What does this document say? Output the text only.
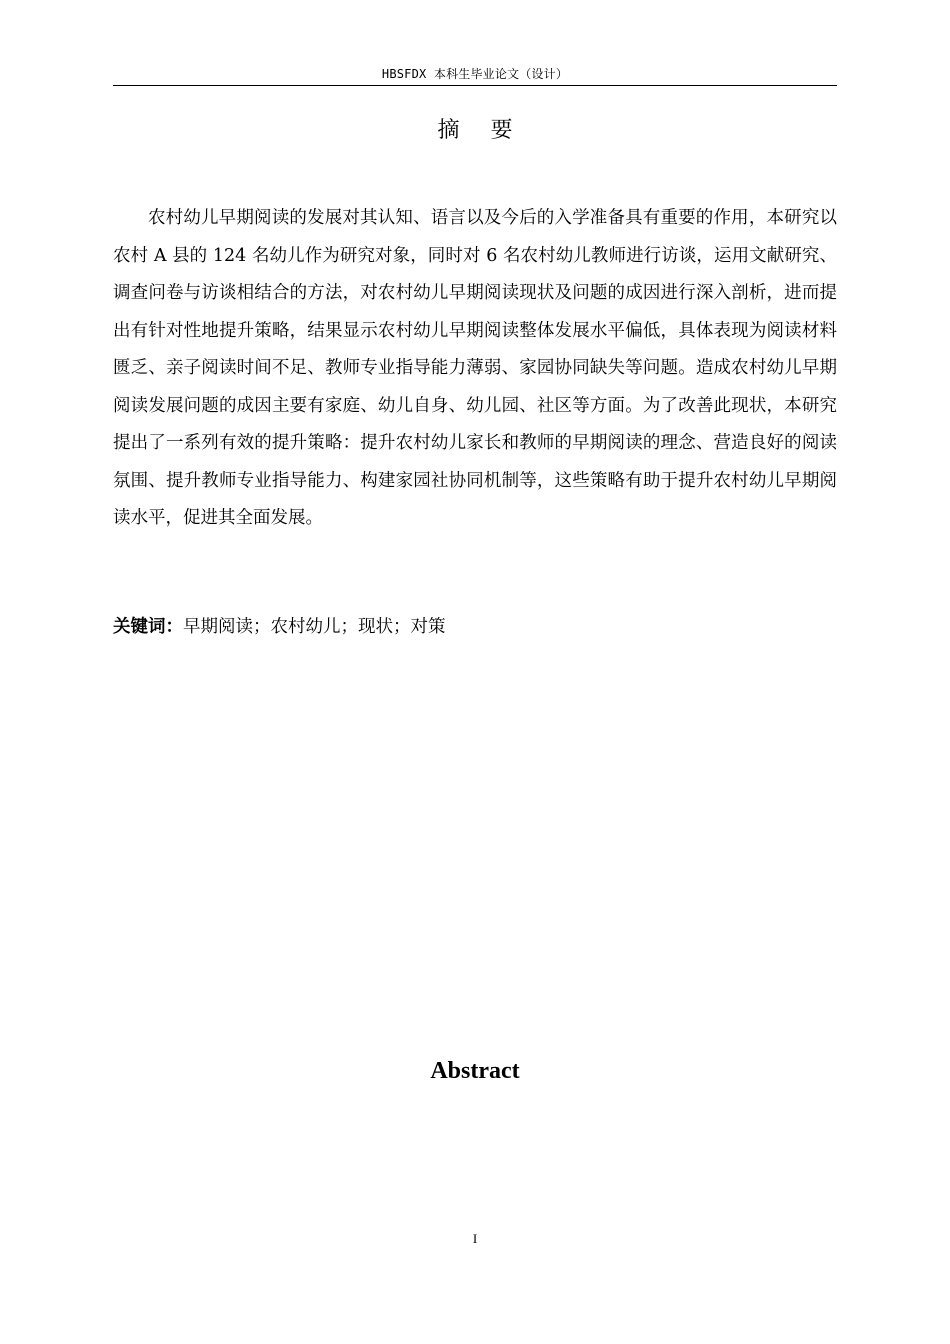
HBSFDX 本科生毕业论文（设计）
摘 要

农村幼儿早期阅读的发展对其认知、语言以及今后的入学准备具有重要的作用，本研究以农村 A 县的 124 名幼儿作为研究对象，同时对 6 名农村幼儿教师进行访谈，运用文献研究、调查问卷与访谈相结合的方法，对农村幼儿早期阅读现状及问题的成因进行深入剖析，进而提出有针对性地提升策略，结果显示农村幼儿早期阅读整体发展水平偏低，具体表现为阅读材料匮乏、亲子阅读时间不足、教师专业指导能力薄弱、家园协同缺失等问题。造成农村幼儿早期阅读发展问题的成因主要有家庭、幼儿自身、幼儿园、社区等方面。为了改善此现状，本研究提出了一系列有效的提升策略：提升农村幼儿家长和教师的早期阅读的理念、营造良好的阅读氛围、提升教师专业指导能力、构建家园社协同机制等，这些策略有助于提升农村幼儿早期阅读水平，促进其全面发展。

关键词：早期阅读；农村幼儿；现状；对策
Abstract
I
